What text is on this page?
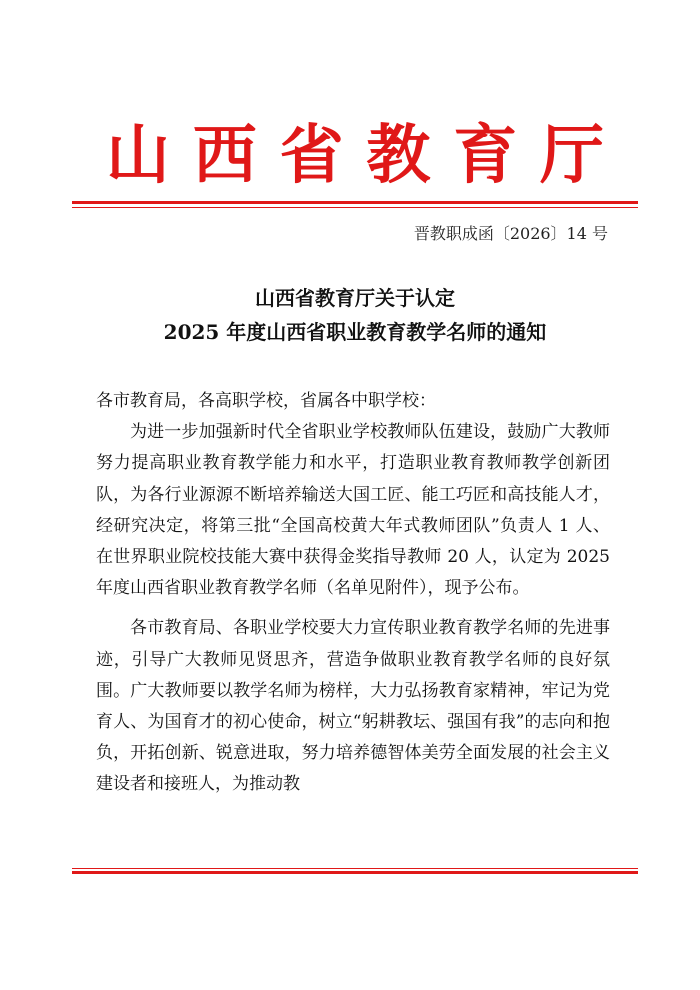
山 西 省 教 育 厅
晋教职成函〔2026〕14 号
山西省教育厅关于认定
2025 年度山西省职业教育教学名师的通知
各市教育局，各高职学校，省属各中职学校：

为进一步加强新时代全省职业学校教师队伍建设，鼓励广大教师努力提高职业教育教学能力和水平，打造职业教育教师教学创新团队，为各行业源源不断培养输送大国工匠、能工巧匠和高技能人才，经研究决定，将第三批“全国高校黄大年式教师团队”负责人 1 人、在世界职业院校技能大赛中获得金奖指导教师 20 人，认定为 2025 年度山西省职业教育教学名师（名单见附件），现予公布。

各市教育局、各职业学校要大力宣传职业教育教学名师的先进事迹，引导广大教师见贤思齐，营造争做职业教育教学名师的良好氛围。广大教师要以教学名师为榜样，大力弘扬教育家精神，牢记为党育人、为国育才的初心使命，树立“躬耕教坛、强国有我”的志向和抱负，开拓创新、锐意进取，努力培养德智体美劳全面发展的社会主义建设者和接班人，为推动教
